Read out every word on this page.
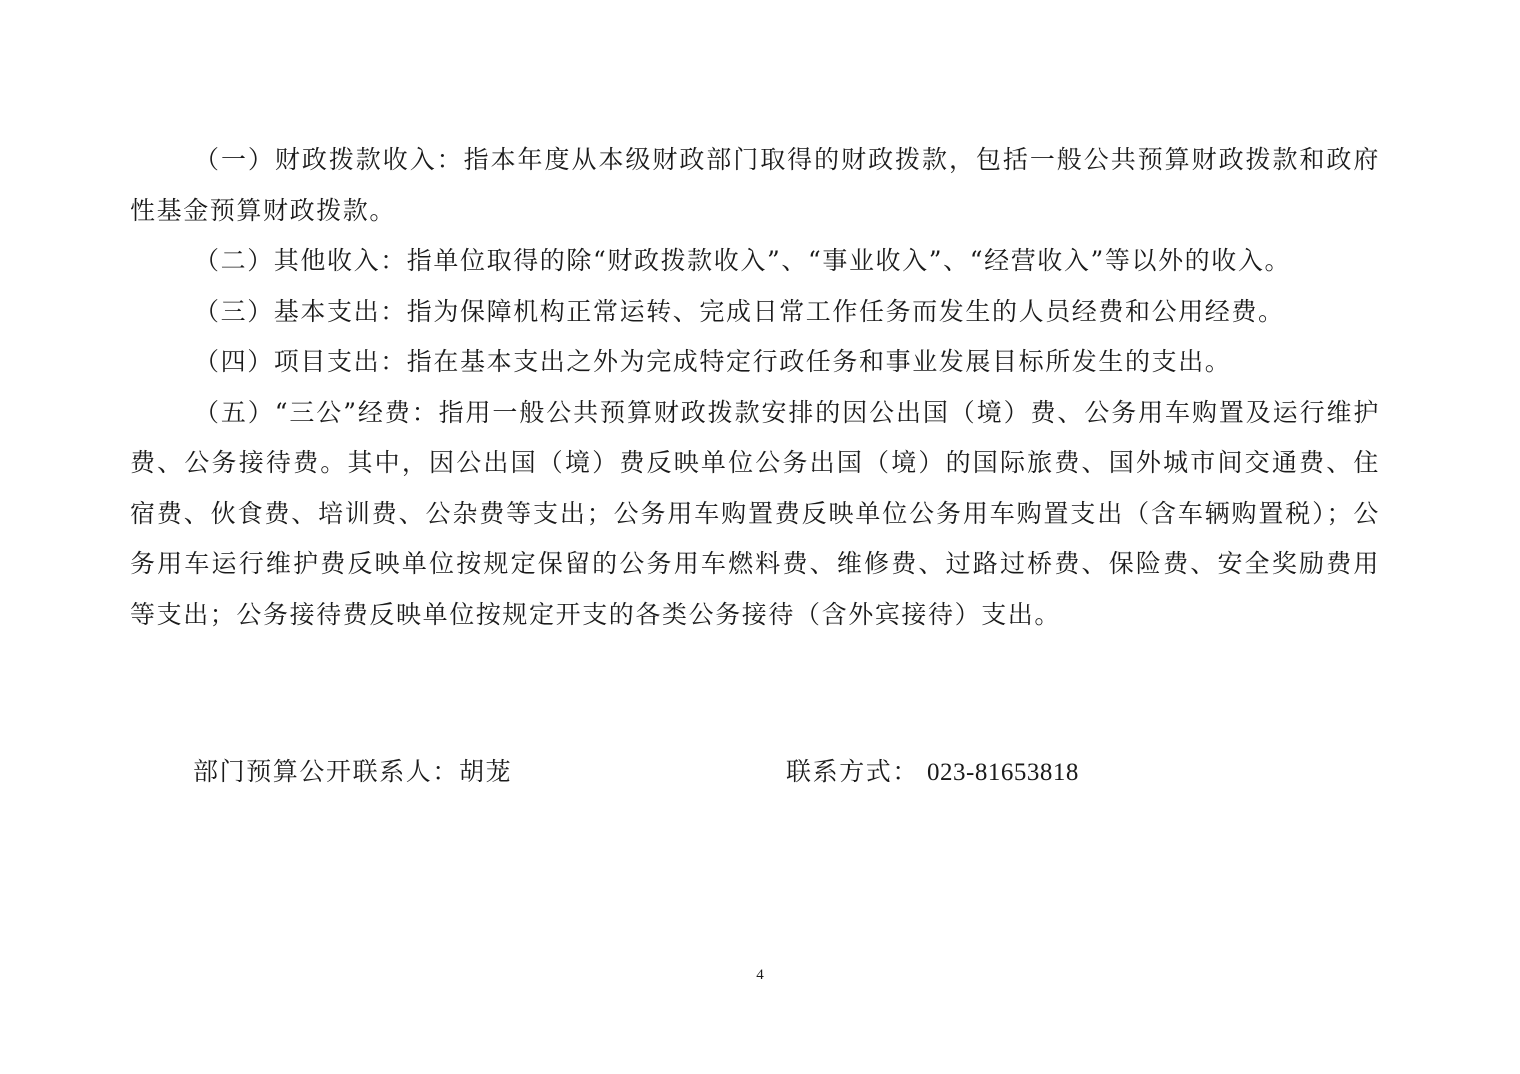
（一）财政拨款收入：指本年度从本级财政部门取得的财政拨款，包括一般公共预算财政拨款和政府性基金预算财政拨款。

（二）其他收入：指单位取得的除“财政拨款收入”、“事业收入”、“经营收入”等以外的收入。

（三）基本支出：指为保障机构正常运转、完成日常工作任务而发生的人员经费和公用经费。

（四）项目支出：指在基本支出之外为完成特定行政任务和事业发展目标所发生的支出。

（五）“三公”经费：指用一般公共预算财政拨款安排的因公出国（境）费、公务用车购置及运行维护费、公务接待费。其中，因公出国（境）费反映单位公务出国（境）的国际旅费、国外城市间交通费、住宿费、伙食费、培训费、公杂费等支出；公务用车购置费反映单位公务用车购置支出（含车辆购置税）；公务用车运行维护费反映单位按规定保留的公务用车燃料费、维修费、过路过桥费、保险费、安全奖励费用等支出；公务接待费反映单位按规定开支的各类公务接待（含外宾接待）支出。

部门预算公开联系人：胡茏	联系方式： 023-81653818
4
